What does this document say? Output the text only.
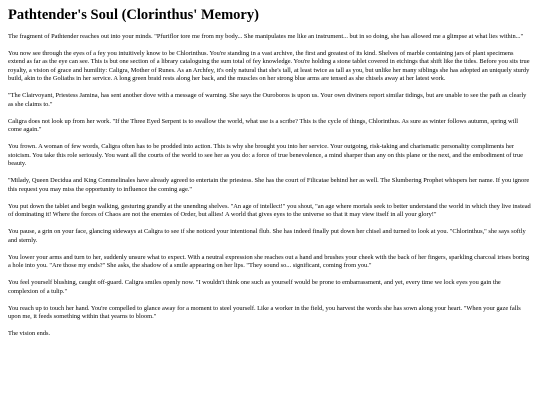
Pathtender's Soul (Clorinthus' Memory)

The fragment of Pathtender reaches out into your minds. "Pfuriflor tore me from my body... She manipulates me like an instrument... but in so doing, she has allowed me a glimpse at what lies within..."

You now see through the eyes of a fey you intuitively know to be Chlorinthus. You're standing in a vast archive, the first and greatest of its kind. Shelves of marble containing jars of plant specimens extend as far as the eye can see. This is but one section of a library cataloguing the sum total of fey knowledge. You're holding a stone tablet covered in etchings that shift like the tides. Before you sits true royalty, a vision of grace and humility: Caligra, Mother of Runes. As an Archfey, it's only natural that she's tall, at least twice as tall as you, but unlike her many siblings she has adopted an uniquely sturdy build, akin to the Goliaths in her service. A long green braid rests along her back, and the muscles on her strong blue arms are tensed as she chisels away at her latest work.

"The Clairvoyant, Priestess Jamina, has sent another dove with a message of warning. She says the Ouroboros is upon us. Your own diviners report similar tidings, but are unable to see the path as clearly as she claims to."

Caligra does not look up from her work. "If the Three Eyed Serpent is to swallow the world, what use is a scribe? This is the cycle of things, Chlorinthus. As sure as winter follows autumn, spring will come again."

You frown. A woman of few words, Caligra often has to be prodded into action. This is why she brought you into her service. Your outgoing, risk-taking and charismatic personality compliments her stoicism. You take this role seriously. You want all the courts of the world to see her as you do: a force of true benevolence, a mind sharper than any on this plane or the next, and the embodiment of true beauty.

"Milady, Queen Decidua and King Commelinales have already agreed to entertain the priestess. She has the court of Filicatae behind her as well. The Slumbering Prophet whispers her name. If you ignore this request you may miss the opportunity to influence the coming age."

You put down the tablet and begin walking, gesturing grandly at the unending shelves. "An age of intellect!" you shout, "an age where mortals seek to better understand the world in which they live instead of dominating it! Where the forces of Chaos are not the enemies of Order, but allies! A world that gives eyes to the universe so that it may view itself in all your glory!"

You pause, a grin on your face, glancing sideways at Caligra to see if she noticed your intentional flub. She has indeed finally put down her chisel and turned to look at you. "Chlorinthus," she says softly and sternly.

You lower your arms and turn to her, suddenly unsure what to expect. With a neutral expression she reaches out a hand and brushes your cheek with the back of her fingers, sparkling charcoal irises boring a hole into you. "Are those my ends?" She asks, the shadow of a smile appearing on her lips. "They sound so... significant, coming from you."

You feel yourself blushing, caught off-guard. Caligra smiles openly now. "I wouldn't think one such as yourself would be prone to embarrassment, and yet, every time we lock eyes you gain the complexion of a tulip."

You reach up to touch her hand. You're compelled to glance away for a moment to steel yourself. Like a worker in the field, you harvest the words she has sown along your heart. "When your gaze falls upon me, it feeds something within that yearns to bloom."

The vision ends.
